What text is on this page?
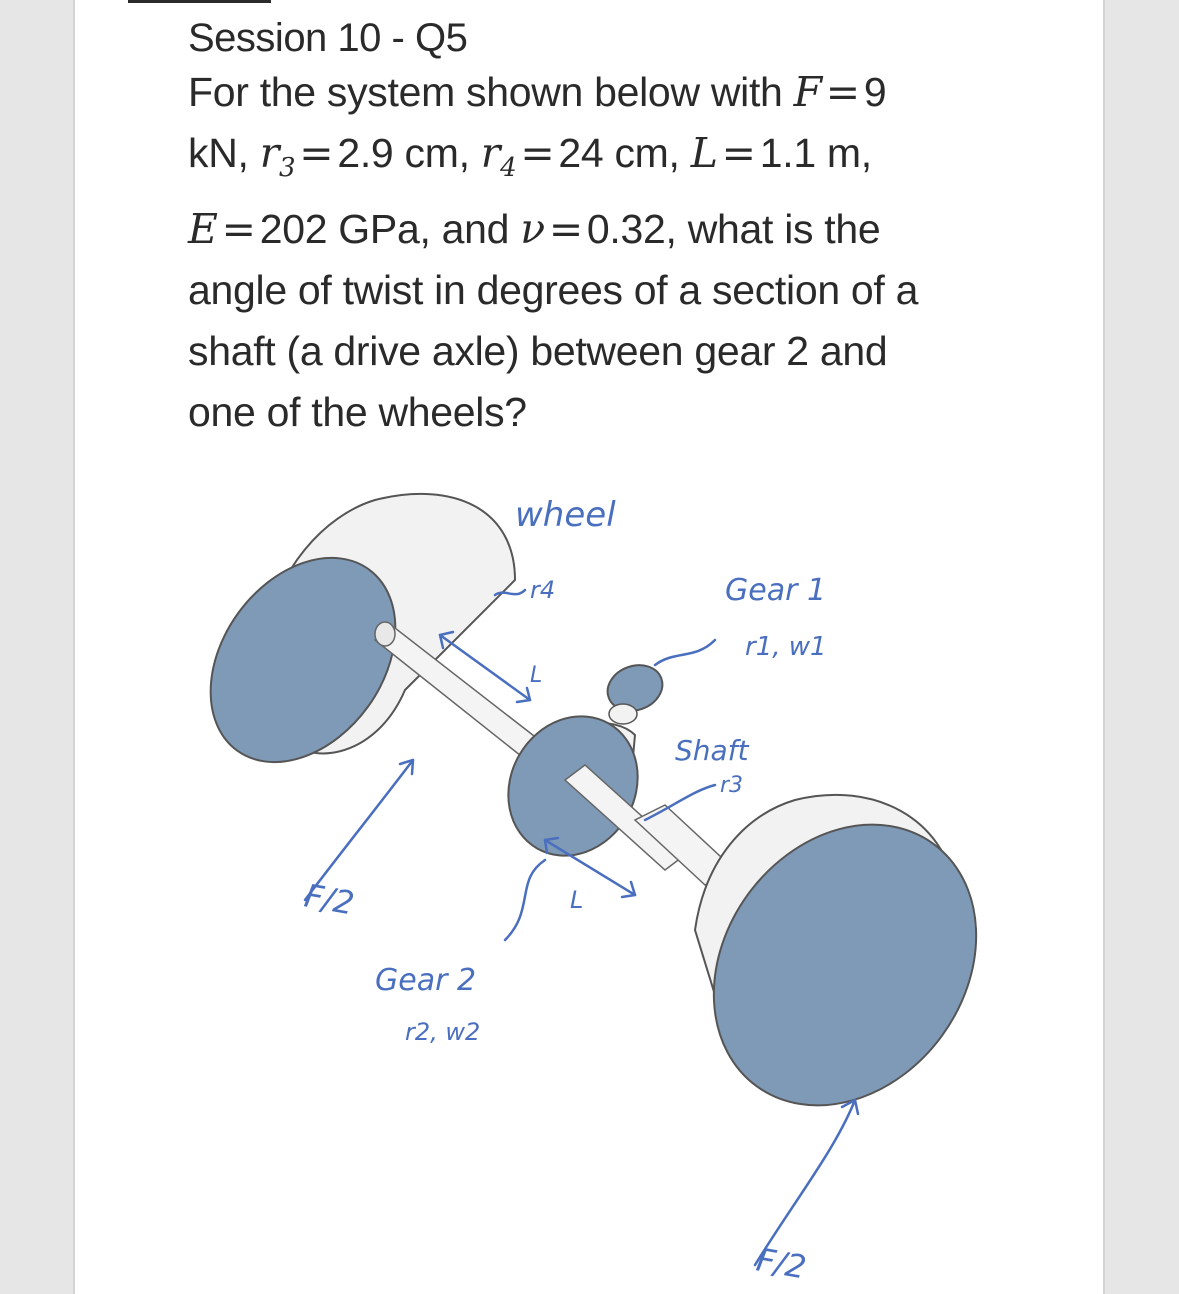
Session 10 - Q5
For the system shown below with F=9
kN, $r_3=2.9$ cm, $r_4=24$ cm, L=1.1 m,
E=202 GPa, and ν=0.32, what is the
angle of twist in degrees of a section of a
shaft (a drive axle) between gear 2 and
one of the wheels?
wheel
r4
L
Gear 1
r1, w1
Shaft
r3
L
Gear 2
r2, w2
F/2
F/2
